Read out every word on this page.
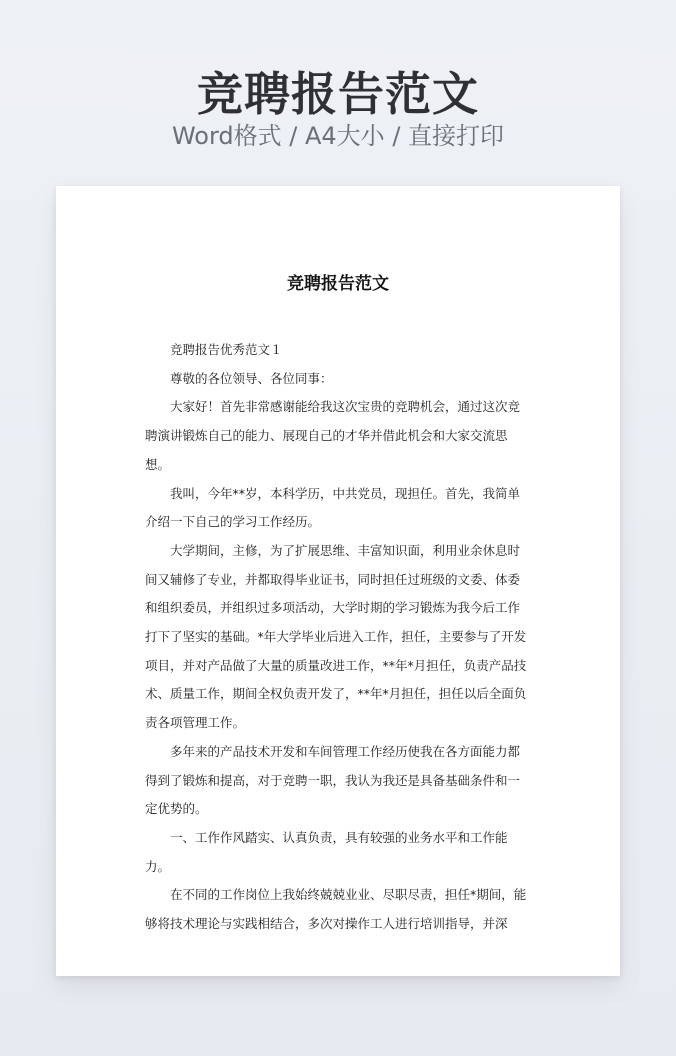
竞聘报告范文
Word格式 / A4大小 / 直接打印
竞聘报告范文

竞聘报告优秀范文１

尊敬的各位领导、各位同事：

大家好！首先非常感谢能给我这次宝贵的竞聘机会，通过这次竞聘演讲锻炼自己的能力、展现自己的才华并借此机会和大家交流思想。

我叫，今年**岁，本科学历，中共党员，现担任。首先，我简单介绍一下自己的学习工作经历。

大学期间，主修，为了扩展思维、丰富知识面，利用业余休息时间又辅修了专业，并都取得毕业证书，同时担任过班级的文委、体委和组织委员，并组织过多项活动，大学时期的学习锻炼为我今后工作打下了坚实的基础。*年大学毕业后进入工作，担任，主要参与了开发项目，并对产品做了大量的质量改进工作，**年*月担任，负责产品技术、质量工作，期间全权负责开发了，**年*月担任，担任以后全面负责各项管理工作。

多年来的产品技术开发和车间管理工作经历使我在各方面能力都得到了锻炼和提高，对于竞聘一职，我认为我还是具备基础条件和一定优势的。

一、工作作风踏实、认真负责，具有较强的业务水平和工作能力。

在不同的工作岗位上我始终兢兢业业、尽职尽责，担任*期间，能够将技术理论与实践相结合，多次对操作工人进行培训指导，并深
